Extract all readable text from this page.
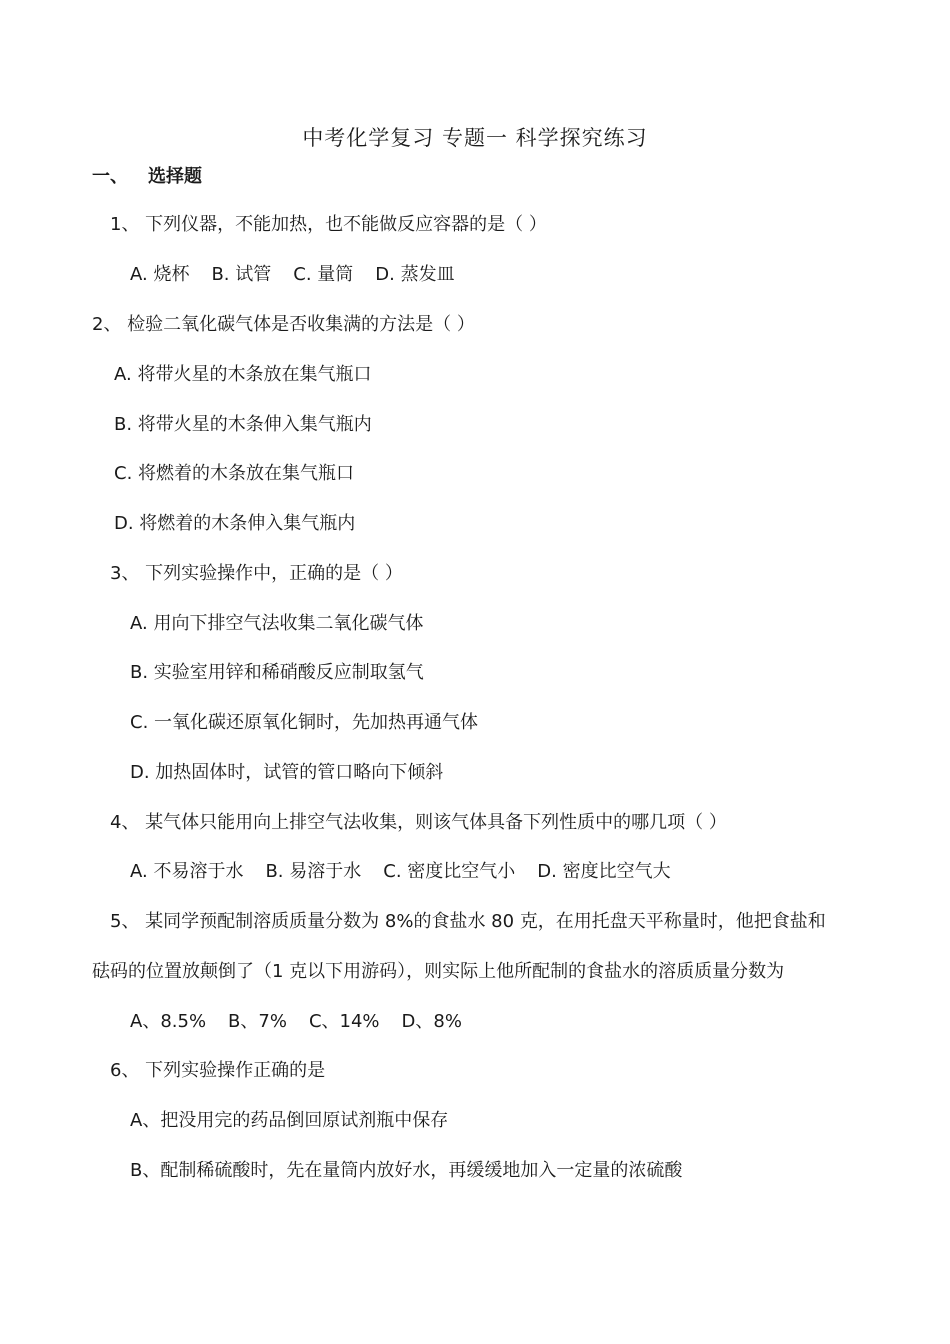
中考化学复习 专题一 科学探究练习
一、 选择题
1、 下列仪器，不能加热，也不能做反应容器的是（ ）
A. 烧杯 B. 试管 C. 量筒 D. 蒸发皿
2、 检验二氧化碳气体是否收集满的方法是（ ）
A. 将带火星的木条放在集气瓶口
B. 将带火星的木条伸入集气瓶内
C. 将燃着的木条放在集气瓶口
D. 将燃着的木条伸入集气瓶内
3、 下列实验操作中，正确的是（ ）
A. 用向下排空气法收集二氧化碳气体
B. 实验室用锌和稀硝酸反应制取氢气
C. 一氧化碳还原氧化铜时，先加热再通气体
D. 加热固体时，试管的管口略向下倾斜
4、 某气体只能用向上排空气法收集，则该气体具备下列性质中的哪几项（ ）
A. 不易溶于水 B. 易溶于水 C. 密度比空气小 D. 密度比空气大
5、 某同学预配制溶质质量分数为 8%的食盐水 80 克，在用托盘天平称量时，他把食盐和
砝码的位置放颠倒了（1 克以下用游码），则实际上他所配制的食盐水的溶质质量分数为
A、8.5% B、7% C、14% D、8%
6、 下列实验操作正确的是
A、把没用完的药品倒回原试剂瓶中保存
B、配制稀硫酸时，先在量筒内放好水，再缓缓地加入一定量的浓硫酸
